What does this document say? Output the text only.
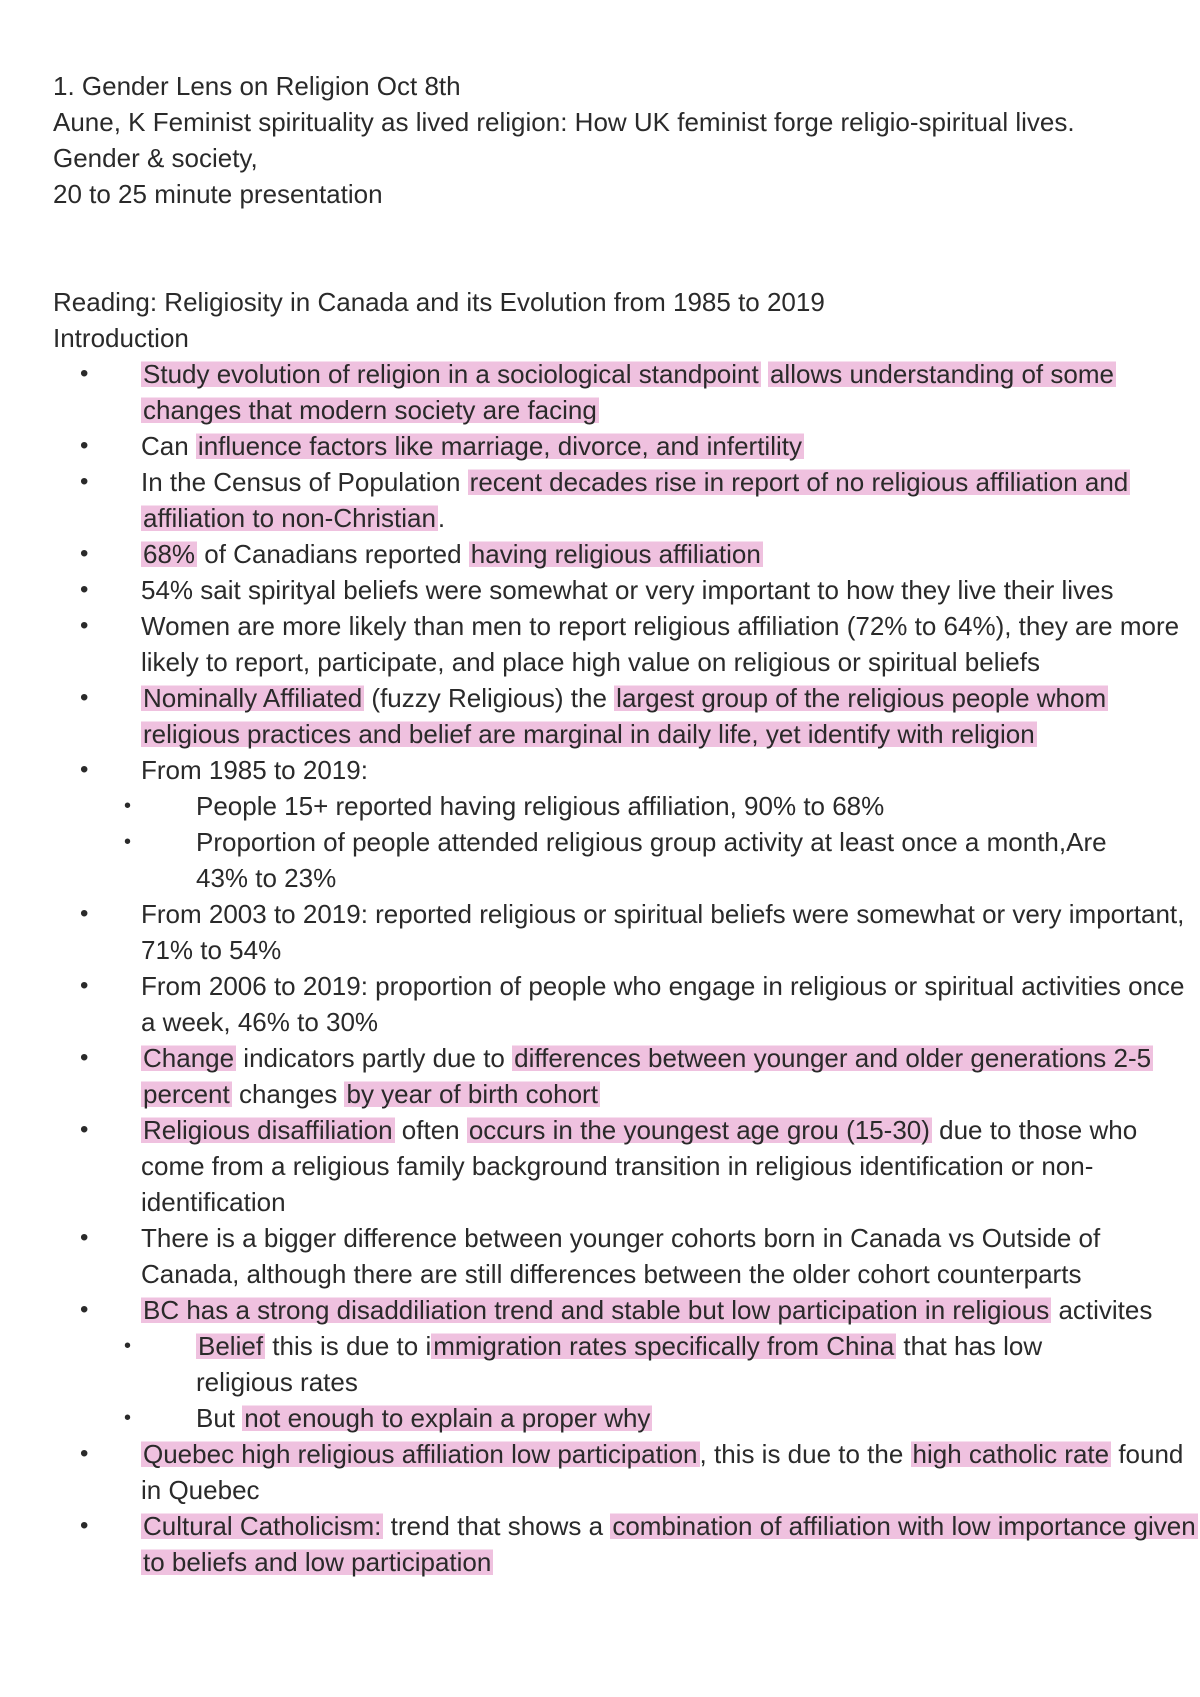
1. Gender Lens on Religion Oct 8th
Aune, K Feminist spirituality as lived religion: How UK feminist forge religio-spiritual lives.
Gender & society,
20 to 25 minute presentation
Reading: Religiosity in Canada and its Evolution from 1985 to 2019
Introduction
• Study evolution of religion in a sociological standpoint allows understanding of some changes that modern society are facing
• Can influence factors like marriage, divorce, and infertility
• In the Census of Population recent decades rise in report of no religious affiliation and affiliation to non-Christian.
• 68% of Canadians reported having religious affiliation
• 54% sait spirityal beliefs were somewhat or very important to how they live their lives
• Women are more likely than men to report religious affiliation (72% to 64%), they are more likely to report, participate, and place high value on religious or spiritual beliefs
• Nominally Affiliated (fuzzy Religious) the largest group of the religious people whom religious practices and belief are marginal in daily life, yet identify with religion
• From 1985 to 2019:
• People 15+ reported having religious affiliation, 90% to 68%
• Proportion of people attended religious group activity at least once a month,Are 43% to 23%
• From 2003 to 2019: reported religious or spiritual beliefs were somewhat or very important, 71% to 54%
• From 2006 to 2019: proportion of people who engage in religious or spiritual activities once a week, 46% to 30%
• Change indicators partly due to differences between younger and older generations 2-5 percent changes by year of birth cohort
• Religious disaffiliation often occurs in the youngest age grou (15-30) due to those who come from a religious family background transition in religious identification or non-identification
• There is a bigger difference between younger cohorts born in Canada vs Outside of Canada, although there are still differences between the older cohort counterparts
• BC has a strong disaddiliation trend and stable but low participation in religious activites
•	Belief this is due to immigration rates specifically from China that has low religious rates
• But not enough to explain a proper why
• Quebec high religious affiliation low participation, this is due to the high catholic rate found in Quebec
• Cultural Catholicism: trend that shows a combination of affiliation with low importance given to beliefs and low participation
